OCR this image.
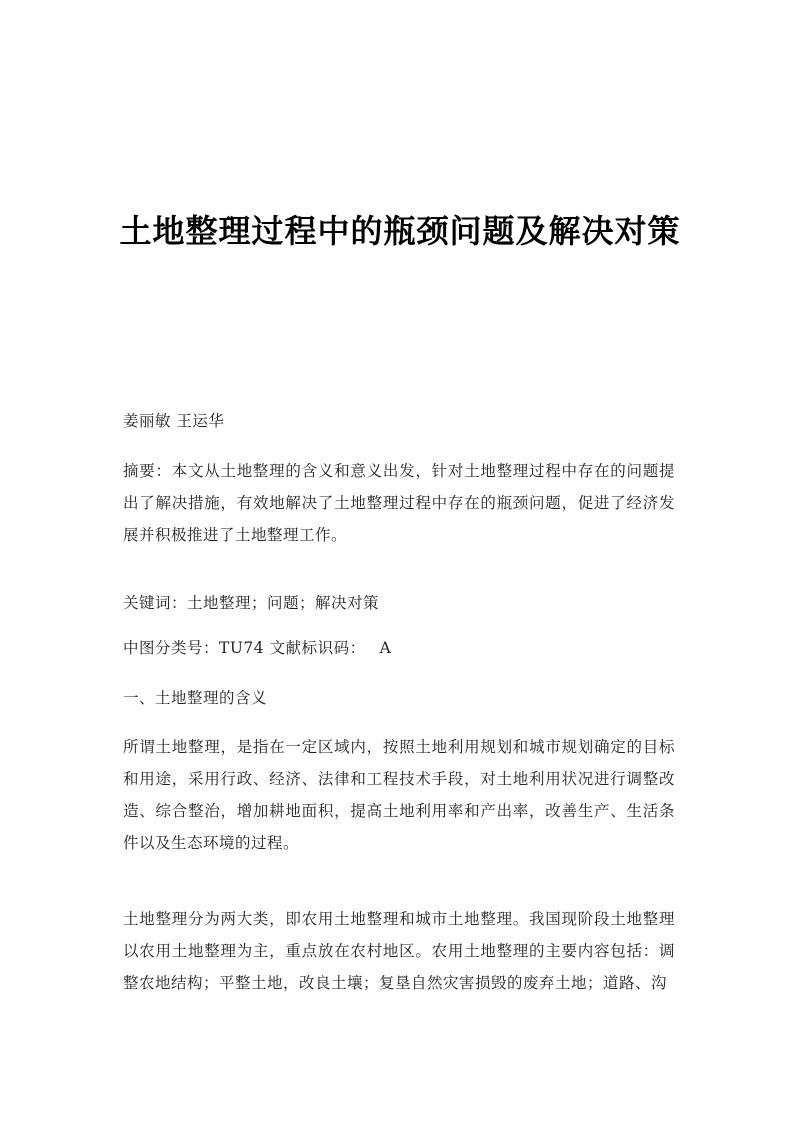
土地整理过程中的瓶颈问题及解决对策

姜丽敏 王运华

摘要：本文从土地整理的含义和意义出发，针对土地整理过程中存在的问题提出了解决措施，有效地解决了土地整理过程中存在的瓶颈问题，促进了经济发展并积极推进了土地整理工作。

关键词：土地整理；问题；解决对策

中图分类号：TU74 文献标识码： A

一、土地整理的含义

所谓土地整理，是指在一定区域内，按照土地利用规划和城市规划确定的目标和用途，采用行政、经济、法律和工程技术手段，对土地利用状况进行调整改造、综合整治，增加耕地面积，提高土地利用率和产出率，改善生产、生活条件以及生态环境的过程。

土地整理分为两大类，即农用土地整理和城市土地整理。我国现阶段土地整理以农用土地整理为主，重点放在农村地区。农用土地整理的主要内容包括：调整农地结构；平整土地，改良土壤；复垦自然灾害损毁的废弃土地；道路、沟
